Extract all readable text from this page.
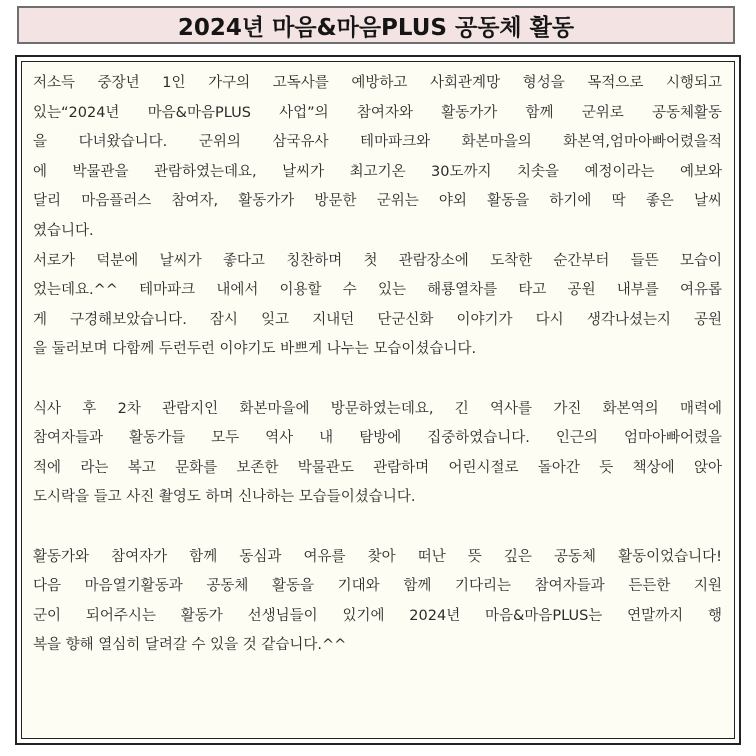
2024년 마음&마음PLUS 공동체 활동
저소득 중장년 1인 가구의 고독사를 예방하고 사회관계망 형성을 목적으로 시행되고
있는“2024년 마음&마음PLUS 사업”의 참여자와 활동가가 함께 군위로 공동체활동
을 다녀왔습니다. 군위의 삼국유사 테마파크와 화본마을의 화본역,엄마아빠어렸을적
에 박물관을 관람하였는데요, 날씨가 최고기온 30도까지 치솟을 예정이라는 예보와
달리 마음플러스 참여자, 활동가가 방문한 군위는 야외 활동을 하기에 딱 좋은 날씨
였습니다.
서로가 덕분에 날씨가 좋다고 칭찬하며 첫 관람장소에 도착한 순간부터 들뜬 모습이
었는데요.^^ 테마파크 내에서 이용할 수 있는 해룡열차를 타고 공원 내부를 여유롭
게 구경해보았습니다. 잠시 잊고 지내던 단군신화 이야기가 다시 생각나셨는지 공원
을 둘러보며 다함께 두런두런 이야기도 바쁘게 나누는 모습이셨습니다.
식사 후 2차 관람지인 화본마을에 방문하였는데요, 긴 역사를 가진 화본역의 매력에
참여자들과 활동가들 모두 역사 내 탐방에 집중하였습니다. 인근의 엄마아빠어렸을
적에 라는 복고 문화를 보존한 박물관도 관람하며 어린시절로 돌아간 듯 책상에 앉아
도시락을 들고 사진 촬영도 하며 신나하는 모습들이셨습니다.
활동가와 참여자가 함께 동심과 여유를 찾아 떠난 뜻 깊은 공동체 활동이었습니다!
다음 마음열기활동과 공동체 활동을 기대와 함께 기다리는 참여자들과 든든한 지원
군이 되어주시는 활동가 선생님들이 있기에 2024년 마음&마음PLUS는 연말까지 행
복을 향해 열심히 달려갈 수 있을 것 같습니다.^^
